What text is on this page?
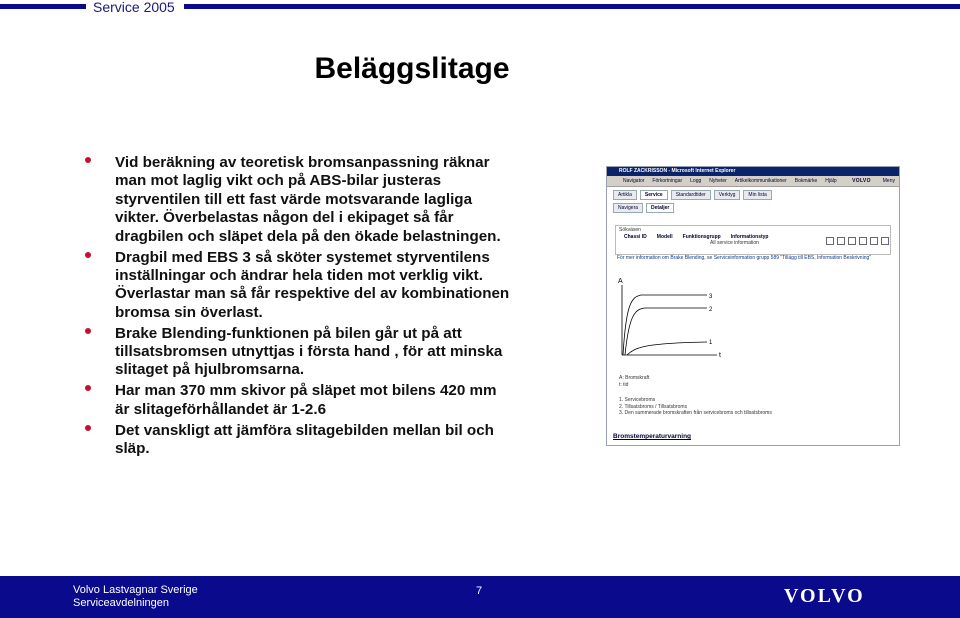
Service 2005
Beläggslitage
Vid beräkning av teoretisk bromsanpassning räknar man mot laglig vikt och på ABS-bilar justeras styrventilen till ett fast värde motsvarande lagliga vikter. Överbelastas någon del i ekipaget så får dragbilen och släpet dela på den ökade belastningen.
Dragbil med EBS 3 så sköter systemet styrventilens inställningar och ändrar hela tiden mot verklig vikt. Överlastar man så får respektive del av kombinationen bromsa sin överlast.
Brake Blending-funktionen på bilen går ut på att tillsatsbromsen utnyttjas i första hand , för att minska slitaget på hjulbromsarna.
Har man 370 mm skivor på släpet mot bilens 420 mm är slitageförhållandet är 1-2.6
Det vanskligt att jämföra slitagebilden mellan bil och släp.
ROLF ZACKRISSON - Microsoft Internet Explorer
Navigator Förkortningar Logg Nyheter Artikelkommunikationer Bokmärke Hjälp	VOLVO Meny
Artikla	Service	Standardtider	Verktyg	Min lista
Navigera	Detaljer
Sökväsen
Chassi ID Modell Funktionsgrupp Informationstyp
All service information
För mer information om Brake Blending, se Serviceinformation grupp 589 "Tillägg till EBS, Information Beskrivning"
A
3
2
1
t
A: Bromskraft
t: tid
1. Servicebroms
2. Tillsatsbroms / Tillsatsbroms
3. Den summerade bromskraften från servicebroms och tillsatsbroms
Bromstemperaturvarning
Volvo Lastvagnar Sverige
Serviceavdelningen
7	VOLVO
